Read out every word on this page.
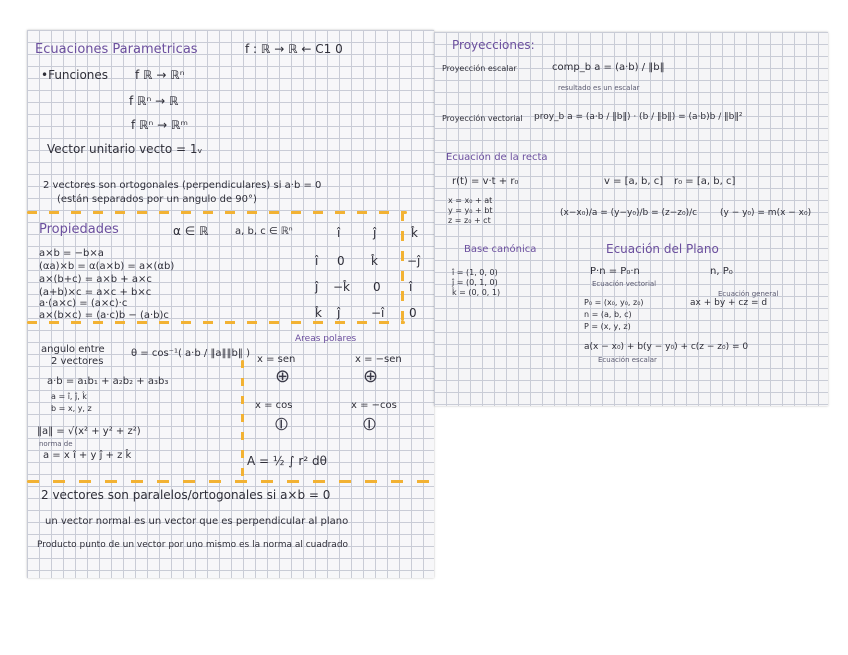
Ecuaciones Parametricas	f : ℝ → ℝ ← C1 0
•Funciones f ℝ → ℝⁿ
f ℝⁿ → ℝ
f ℝⁿ → ℝᵐ
Vector unitario vecto = 1ᵥ
2 vectores son ortogonales (perpendiculares) si a·b = 0
(están separados por un angulo de 90°)
Propiedades	α ∈ ℝ	a, b, c ∈ ℝⁿ
a×b = −b×a
(αa)×b = α(a×b) = a×(αb)
a×(b+c) = a×b + a×c
(a+b)×c = a×c + b×c
a·(a×c) = (a×c)·c
a×(b×c) = (a·c)b − (a·b)c
î	ĵ	k̂
î 0 k̂ −ĵ
ĵ −k̂ 0 î
k̂ ĵ	−î 0
Areas polares
angulo entre
2 vectores
θ = cos⁻¹( a·b / ‖a‖‖b‖ )
x = sen	x = −sen
a·b = a₁b₁ + a₂b₂ + a₃b₃
a = î, ĵ, k̂
b = x, y, z
⊕	⊕
x = cos	x = −cos
⦶	⦶
‖a‖ = √(x² + y² + z²)
norma de
a = x î + y ĵ + z k̂	A = ½ ∫ r² dθ
2 vectores son paralelos/ortogonales si a×b = 0
un vector normal es un vector que es perpendicular al plano
Producto punto de un vector por uno mismo es la norma al cuadrado
Proyecciones:
Proyección escalar	comp_b a = (a·b) / ‖b‖
resultado es un escalar
Proyección vectorial proy_b a = (a·b / ‖b‖) · (b / ‖b‖) = (a·b)b / ‖b‖²
Ecuación de la recta
r(t) = v·t + r₀	v = [a, b, c] r₀ = [a, b, c]
x = x₀ + at
y = y₀ + bt
z = z₀ + ct
(x−x₀)/a = (y−y₀)/b = (z−z₀)/c	(y − y₀) = m(x − x₀)
Base canónica	Ecuación del Plano
î = (1, 0, 0)
ĵ = (0, 1, 0)
k̂ = (0, 0, 1)
P·n = P₀·n
Ecuación vectorial
n, P₀
Ecuación general
P₀ = (x₀, y₀, z₀)	ax + by + cz = d
n = (a, b, c)
P = (x, y, z)
a(x − x₀) + b(y − y₀) + c(z − z₀) = 0
Ecuación escalar
